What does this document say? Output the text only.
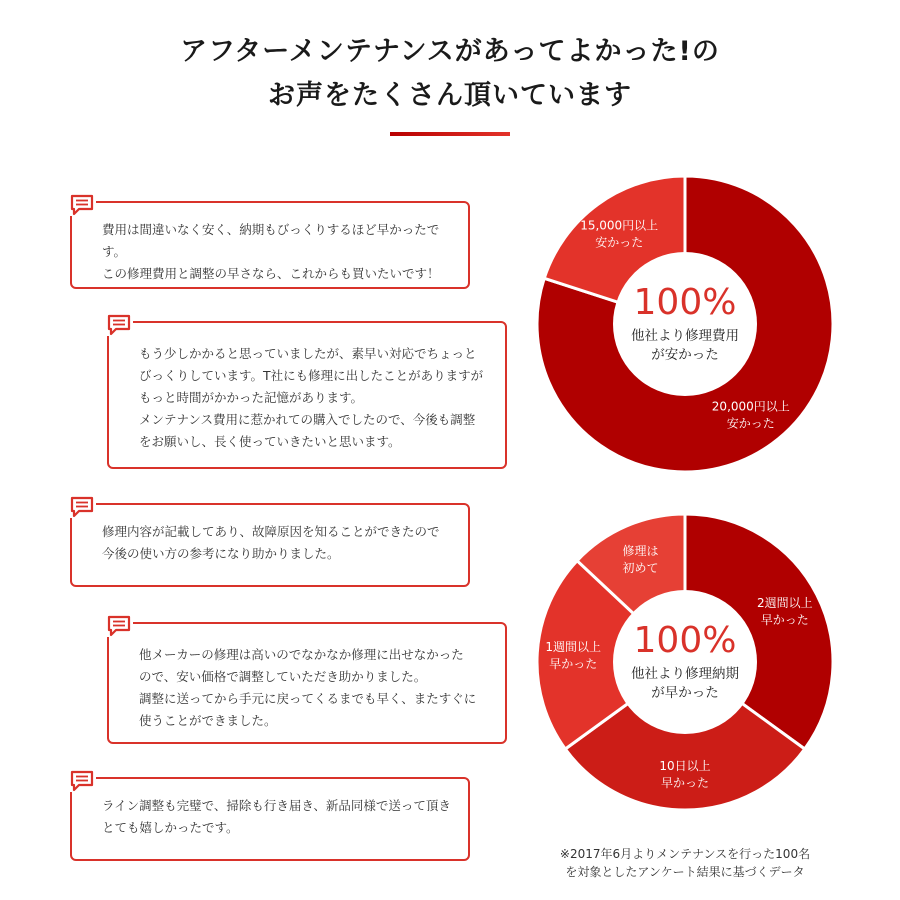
アフターメンテナンスがあってよかった!の
お声をたくさん頂いています
費用は間違いなく安く、納期もびっくりするほど早かったです。
この修理費用と調整の早さなら、これからも買いたいです！
もう少しかかると思っていましたが、素早い対応でちょっと
びっくりしています。T社にも修理に出したことがありますが
もっと時間がかかった記憶があります。
メンテナンス費用に惹かれての購入でしたので、今後も調整
をお願いし、長く使っていきたいと思います。
修理内容が記載してあり、故障原因を知ることができたので
今後の使い方の参考になり助かりました。
他メーカーの修理は高いのでなかなか修理に出せなかった
ので、安い価格で調整していただき助かりました。
調整に送ってから手元に戻ってくるまでも早く、またすぐに
使うことができました。
ライン調整も完璧で、掃除も行き届き、新品同様で送って頂き
とても嬉しかったです。
20,000円以上
安かった
15,000円以上
安かった
100%
他社より修理費用
が安かった
2週間以上
早かった
10日以上
早かった
1週間以上
早かった
修理は
初めて
100%
他社より修理納期
が早かった
※2017年6月よりメンテナンスを行った100名
を対象としたアンケート結果に基づくデータ
